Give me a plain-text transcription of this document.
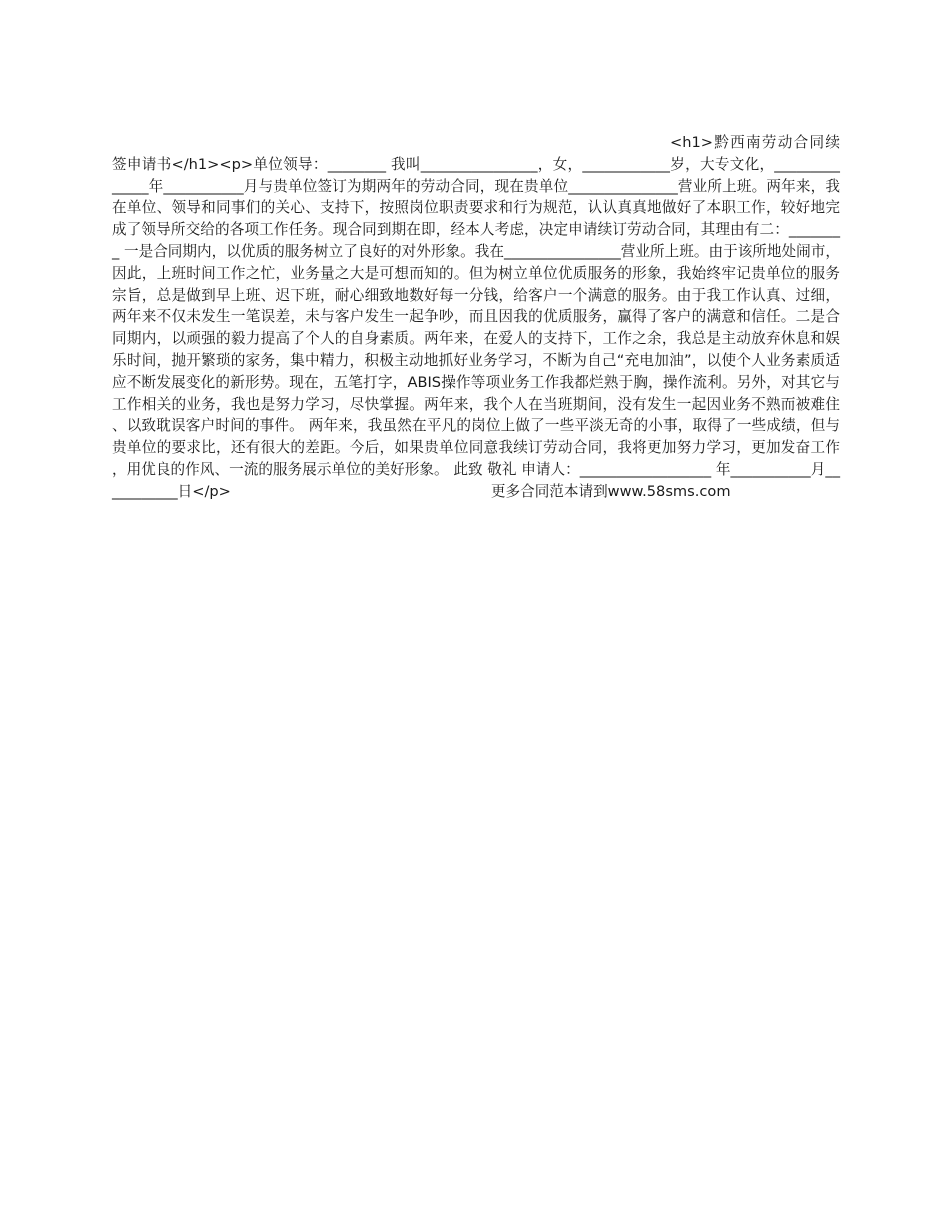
<h1>黔西南劳动合同续签申请书</h1><p>单位领导：________ 我叫________________，女，____________岁，大专文化，______________年___________月与贵单位签订为期两年的劳动合同，现在贵单位_______________营业所上班。两年来，我在单位、领导和同事们的关心、支持下，按照岗位职责要求和行为规范，认认真真地做好了本职工作，较好地完成了领导所交给的各项工作任务。现合同到期在即，经本人考虑，决定申请续订劳动合同，其理由有二：________ 一是合同期内，以优质的服务树立了良好的对外形象。我在________________营业所上班。由于该所地处闹市，因此，上班时间工作之忙，业务量之大是可想而知的。但为树立单位优质服务的形象，我始终牢记贵单位的服务宗旨，总是做到早上班、迟下班，耐心细致地数好每一分钱，给客户一个满意的服务。由于我工作认真、过细，两年来不仅未发生一笔误差，未与客户发生一起争吵，而且因我的优质服务，赢得了客户的满意和信任。二是合同期内，以顽强的毅力提高了个人的自身素质。两年来，在爱人的支持下，工作之余，我总是主动放弃休息和娱乐时间，抛开繁琐的家务，集中精力，积极主动地抓好业务学习，不断为自己“充电加油”，以使个人业务素质适应不断发展变化的新形势。现在，五笔打字，ABIS操作等项业务工作我都烂熟于胸，操作流利。另外，对其它与工作相关的业务，我也是努力学习，尽快掌握。两年来，我个人在当班期间，没有发生一起因业务不熟而被难住、以致耽误客户时间的事件。 两年来，我虽然在平凡的岗位上做了一些平淡无奇的小事，取得了一些成绩，但与贵单位的要求比，还有很大的差距。今后，如果贵单位同意我续订劳动合同，我将更加努力学习，更加发奋工作，用优良的作风、一流的服务展示单位的美好形象。 此致 敬礼 申请人：__________________ 年___________月___________日</p>	更多合同范本请到www.58sms.com
